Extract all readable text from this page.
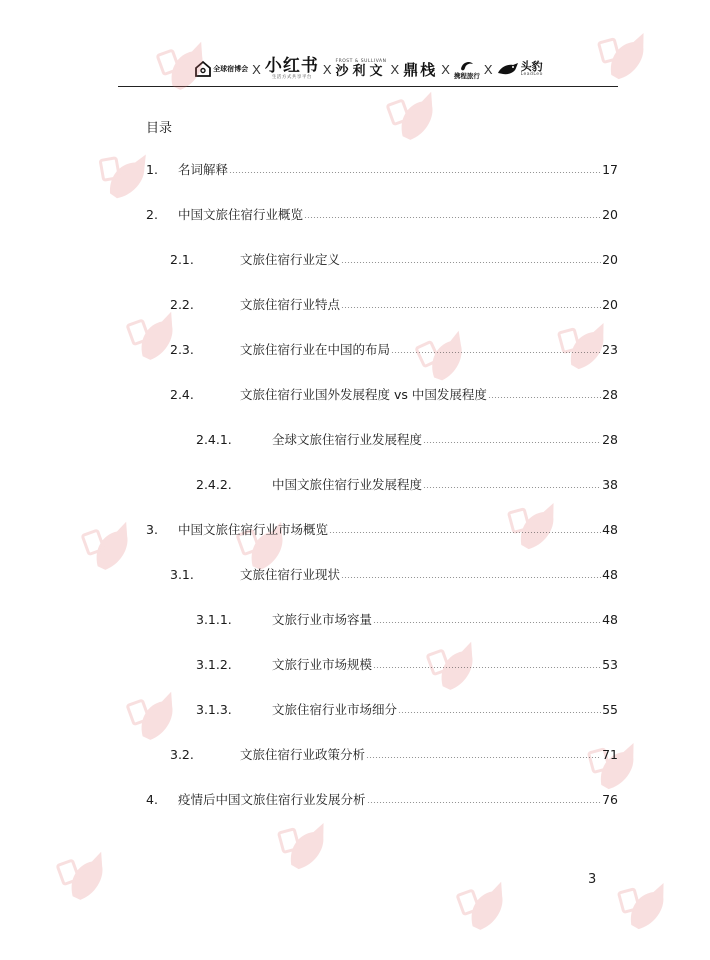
全球宿博会 X 小红书
生活方式共享平台
X
FROST & SULLIVAN
沙利文 X 鼎栈 X 携程旅行 X	头豹
LeadLeo
目录
1.	名词解释	17
2.	中国文旅住宿行业概览	20
2.1.	文旅住宿行业定义	20
2.2.	文旅住宿行业特点	20
2.3.	文旅住宿行业在中国的布局	23
2.4.	文旅住宿行业国外发展程度 vs 中国发展程度	28
2.4.1.	全球文旅住宿行业发展程度	28
2.4.2.	中国文旅住宿行业发展程度	38
3.	中国文旅住宿行业市场概览	48
3.1.	文旅住宿行业现状	48
3.1.1.	文旅行业市场容量	48
3.1.2.	文旅行业市场规模	53
3.1.3.	文旅住宿行业市场细分	55
3.2.	文旅住宿行业政策分析	71
4.	疫情后中国文旅住宿行业发展分析	76
3
